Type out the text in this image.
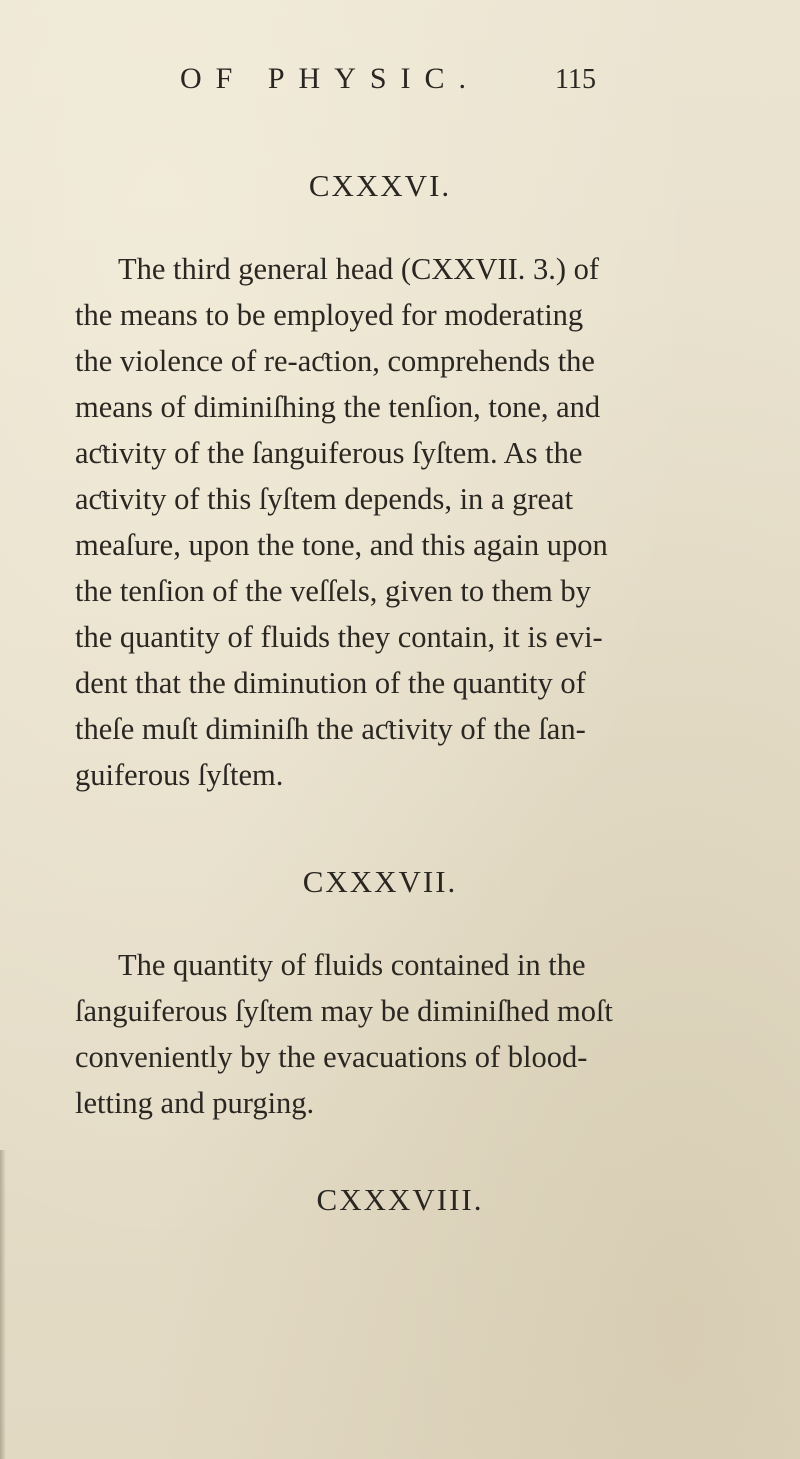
OF PHYSIC.	115
CXXXVI.
The third general head (CXXVII. 3.) of
the means to be employed for moderating
the violence of re-aƈtion, comprehends the
means of diminiſhing the tenſion, tone, and
aƈtivity of the ſanguiferous ſyſtem. As the
aƈtivity of this ſyſtem depends, in a great
meaſure, upon the tone, and this again upon
the tenſion of the veſſels, given to them by
the quantity of fluids they contain, it is evi-
dent that the diminution of the quantity of
theſe muſt diminiſh the aƈtivity of the ſan-
guiferous ſyſtem.
CXXXVII.
The quantity of fluids contained in the
ſanguiferous ſyſtem may be diminiſhed moſt
conveniently by the evacuations of blood-
letting and purging.
CXXXVIII.
